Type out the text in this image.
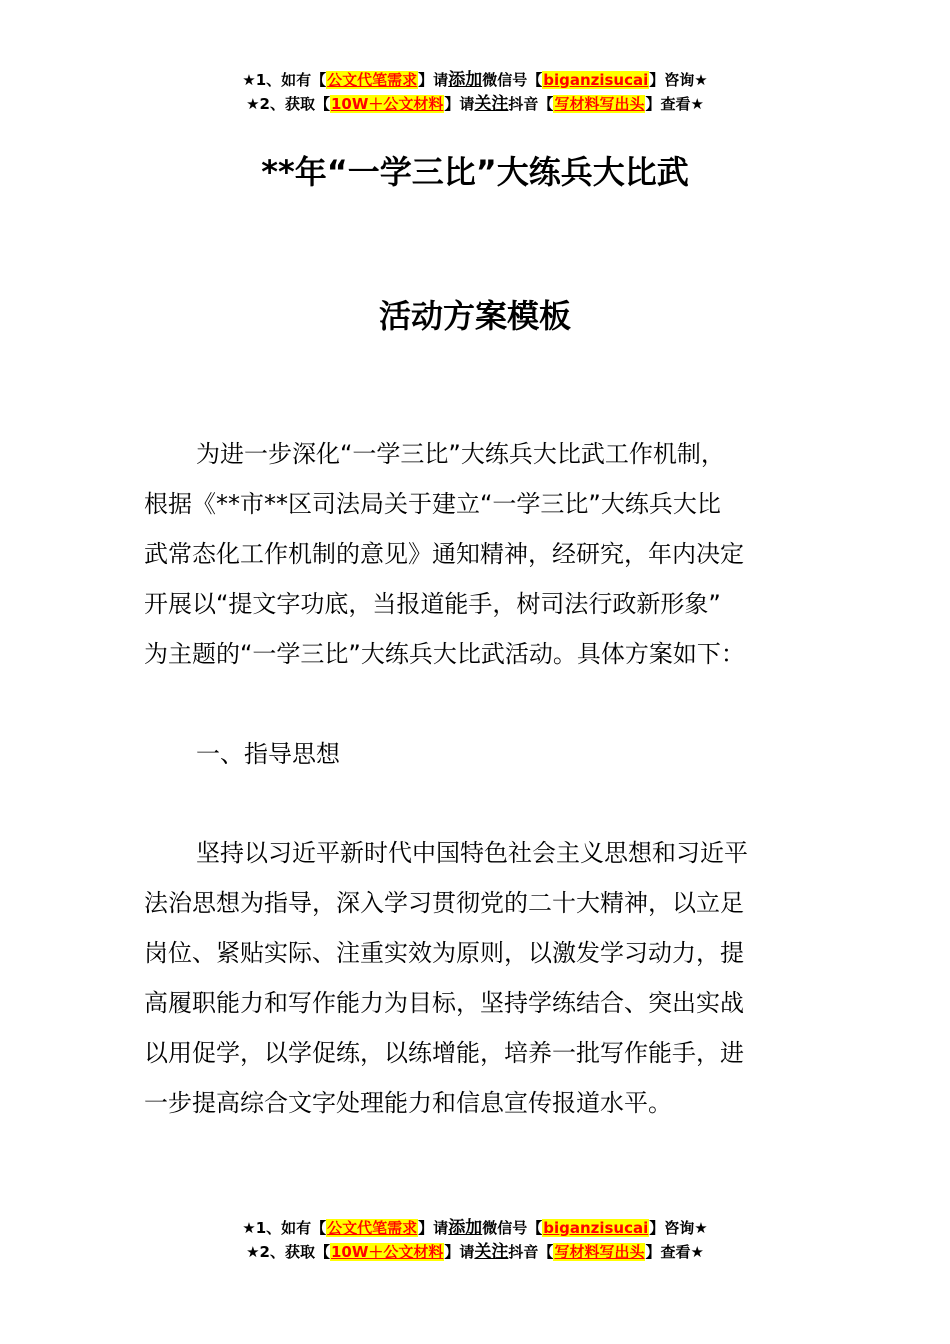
★1、如有【公文代笔需求】请添加微信号【biganzisucai】咨询★
★2、获取【10W＋公文材料】请关注抖音【写材料写出头】查看★
**年“一学三比”大练兵大比武
活动方案模板
为进一步深化“一学三比”大练兵大比武工作机制，
根据《**市**区司法局关于建立“一学三比”大练兵大比
武常态化工作机制的意见》通知精神，经研究，年内决定
开展以“提文字功底，当报道能手，树司法行政新形象”
为主题的“一学三比”大练兵大比武活动。具体方案如下：
一、指导思想
坚持以习近平新时代中国特色社会主义思想和习近平
法治思想为指导，深入学习贯彻党的二十大精神，以立足
岗位、紧贴实际、注重实效为原则，以激发学习动力，提
高履职能力和写作能力为目标，坚持学练结合、突出实战
以用促学，以学促练，以练增能，培养一批写作能手，进
一步提高综合文字处理能力和信息宣传报道水平。
★1、如有【公文代笔需求】请添加微信号【biganzisucai】咨询★
★2、获取【10W＋公文材料】请关注抖音【写材料写出头】查看★
